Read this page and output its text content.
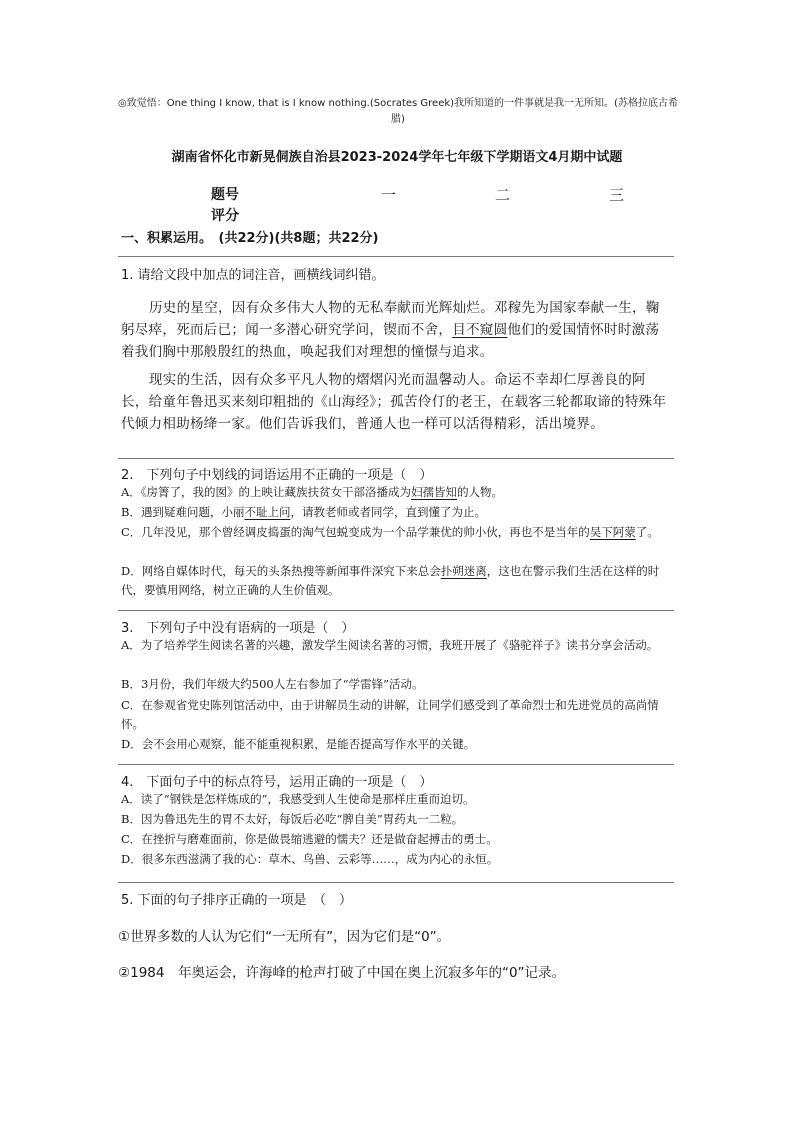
◎致觉悟：One thing I know, that is I know nothing.(Socrates Greek)我所知道的一件事就是我一无所知。(苏格拉底古希腊)
湖南省怀化市新晃侗族自治县2023-2024学年七年级下学期语文4月期中试题
题号
评分
一	二	三
一、积累运用。　(共22分)(共8题；共22分)
1. 请给文段中加点的词注音，画横线词纠错。
历史的星空，因有众多伟大人物的无私奉献而光辉灿烂。邓稼先为国家奉献一生，鞠躬尽瘁，死而后已；闻一多潜心研究学问，锲而不舍，目不窥圆他们的爱国情怀时时激荡着我们胸中那般殷红的热血，唤起我们对理想的憧憬与追求。
现实的生活，因有众多平凡人物的熠熠闪光而温馨动人。命运不幸却仁厚善良的阿长，给童年鲁迅买来刻印粗拙的《山海经》；孤苦伶仃的老王，在载客三轮都取谛的特殊年代倾力相助杨绛一家。他们告诉我们，普通人也一样可以活得精彩，活出境界。
2.　下列句子中划线的词语运用不正确的一项是（　）
A．《房箐了，我的囡》的上映让藏族扶贫女干部洛播成为妇孺皆知的人物。
B．遇到疑难问题，小丽不耻上问，请教老师或者同学，直到懂了为止。
C．几年没见，那个曾经调皮捣蛋的淘气包蜕变成为一个品学兼优的帅小伙，再也不是当年的吴下阿蒙了。
D．网络自媒体时代，每天的头条热搜等新闻事件深究下来总会扑朔迷离，这也在警示我们生活在这样的时代，要慎用网络，树立正确的人生价值观。
3.　下列句子中没有语病的一项是（　）
A．为了培养学生阅读名著的兴趣，激发学生阅读名著的习惯，我班开展了《骆驼祥子》读书分享会活动。
B．3月份，我们年级大约500人左右参加了“学雷锋”活动。
C．在参观省党史陈列馆活动中，由于讲解员生动的讲解，让同学们感受到了革命烈士和先进党员的高尚情怀。
D．会不会用心观察，能不能重视积累，是能否提高写作水平的关键。
4.　下面句子中的标点符号，运用正确的一项是（　）
A．读了“钢铁是怎样炼成的”，我感受到人生使命是那样庄重而迫切。
B．因为鲁迅先生的胃不太好，每饭后必吃“脾自美”胃药丸一二粒。
C．在挫折与磨难面前，你是做畏缩逃避的懦夫？还是做奋起搏击的勇士。
D．很多东西滋满了我的心：草木、鸟兽、云彩等……，成为内心的永恒。
5. 下面的句子排序正确的一项是　（　）
①世界多数的人认为它们“一无所有”，因为它们是“0”。
②1984　年奥运会，许海峰的枪声打破了中国在奥上沉寂多年的“0”记录。
